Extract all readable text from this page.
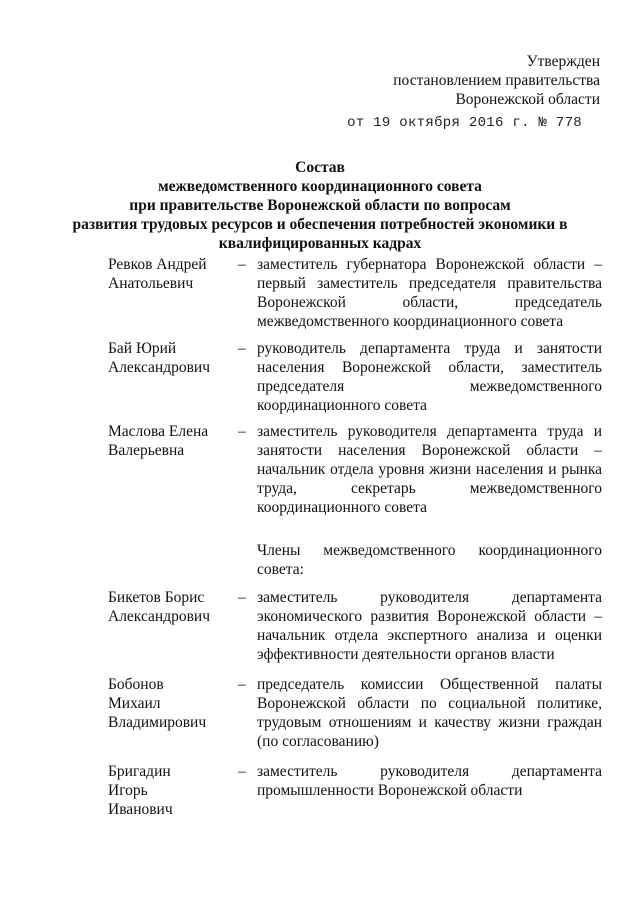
Утвержден
постановлением правительства
Воронежской области
от 19 октября 2016 г. № 778
Состав
межведомственного координационного совета
при правительстве Воронежской области по вопросам
развития трудовых ресурсов и обеспечения потребностей экономики в
квалифицированных кадрах
Ревков Андрей
Анатольевич
– заместитель губернатора Воронежской области – первый заместитель председателя правительства Воронежской области, председатель межведомственного координационного совета
Бай Юрий
Александрович
– руководитель департамента труда и занятости населения Воронежской области, заместитель председателя межведомственного координационного совета
Маслова Елена
Валерьевна
– заместитель руководителя департамента труда и занятости населения Воронежской области – начальник отдела уровня жизни населения и рынка труда, секретарь межведомственного координационного совета
Члены межведомственного координационного совета:
Бикетов Борис
Александрович
– заместитель руководителя департамента экономического развития Воронежской области – начальник отдела экспертного анализа и оценки эффективности деятельности органов власти
Бобонов
Михаил
Владимирович
– председатель комиссии Общественной палаты Воронежской области по социальной политике, трудовым отношениям и качеству жизни граждан (по согласованию)
Бригадин
Игорь
Иванович
– заместитель руководителя департамента промышленности Воронежской области
